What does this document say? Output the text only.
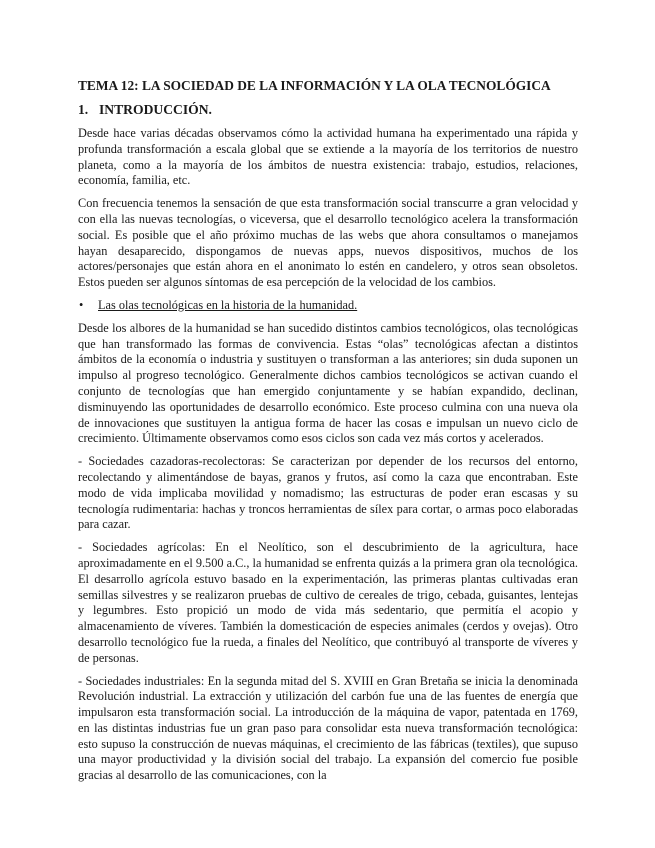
TEMA 12: LA SOCIEDAD DE LA INFORMACIÓN Y LA OLA TECNOLÓGICA
1. INTRODUCCIÓN.

Desde hace varias décadas observamos cómo la actividad humana ha experimentado una rápida y profunda transformación a escala global que se extiende a la mayoría de los territorios de nuestro planeta, como a la mayoría de los ámbitos de nuestra existencia: trabajo, estudios, relaciones, economía, familia, etc.

Con frecuencia tenemos la sensación de que esta transformación social transcurre a gran velocidad y con ella las nuevas tecnologías, o viceversa, que el desarrollo tecnológico acelera la transformación social. Es posible que el año próximo muchas de las webs que ahora consultamos o manejamos hayan desaparecido, dispongamos de nuevas apps, nuevos dispositivos, muchos de los actores/personajes que están ahora en el anonimato lo estén en candelero, y otros sean obsoletos. Estos pueden ser algunos síntomas de esa percepción de la velocidad de los cambios.

• Las olas tecnológicas en la historia de la humanidad.

Desde los albores de la humanidad se han sucedido distintos cambios tecnológicos, olas tecnológicas que han transformado las formas de convivencia. Estas “olas” tecnológicas afectan a distintos ámbitos de la economía o industria y sustituyen o transforman a las anteriores; sin duda suponen un impulso al progreso tecnológico. Generalmente dichos cambios tecnológicos se activan cuando el conjunto de tecnologías que han emergido conjuntamente y se habían expandido, declinan, disminuyendo las oportunidades de desarrollo económico. Este proceso culmina con una nueva ola de innovaciones que sustituyen la antigua forma de hacer las cosas e impulsan un nuevo ciclo de crecimiento. Últimamente observamos como esos ciclos son cada vez más cortos y acelerados.

- Sociedades cazadoras-recolectoras: Se caracterizan por depender de los recursos del entorno, recolectando y alimentándose de bayas, granos y frutos, así como la caza que encontraban. Este modo de vida implicaba movilidad y nomadismo; las estructuras de poder eran escasas y su tecnología rudimentaria: hachas y troncos herramientas de sílex para cortar, o armas poco elaboradas para cazar.

- Sociedades agrícolas: En el Neolítico, son el descubrimiento de la agricultura, hace aproximadamente en el 9.500 a.C., la humanidad se enfrenta quizás a la primera gran ola tecnológica. El desarrollo agrícola estuvo basado en la experimentación, las primeras plantas cultivadas eran semillas silvestres y se realizaron pruebas de cultivo de cereales de trigo, cebada, guisantes, lentejas y legumbres. Esto propició un modo de vida más sedentario, que permitía el acopio y almacenamiento de víveres. También la domesticación de especies animales (cerdos y ovejas). Otro desarrollo tecnológico fue la rueda, a finales del Neolítico, que contribuyó al transporte de víveres y de personas.

- Sociedades industriales: En la segunda mitad del S. XVIII en Gran Bretaña se inicia la denominada Revolución industrial. La extracción y utilización del carbón fue una de las fuentes de energía que impulsaron esta transformación social. La introducción de la máquina de vapor, patentada en 1769, en las distintas industrias fue un gran paso para consolidar esta nueva transformación tecnológica: esto supuso la construcción de nuevas máquinas, el crecimiento de las fábricas (textiles), que supuso una mayor productividad y la división social del trabajo. La expansión del comercio fue posible gracias al desarrollo de las comunicaciones, con la
